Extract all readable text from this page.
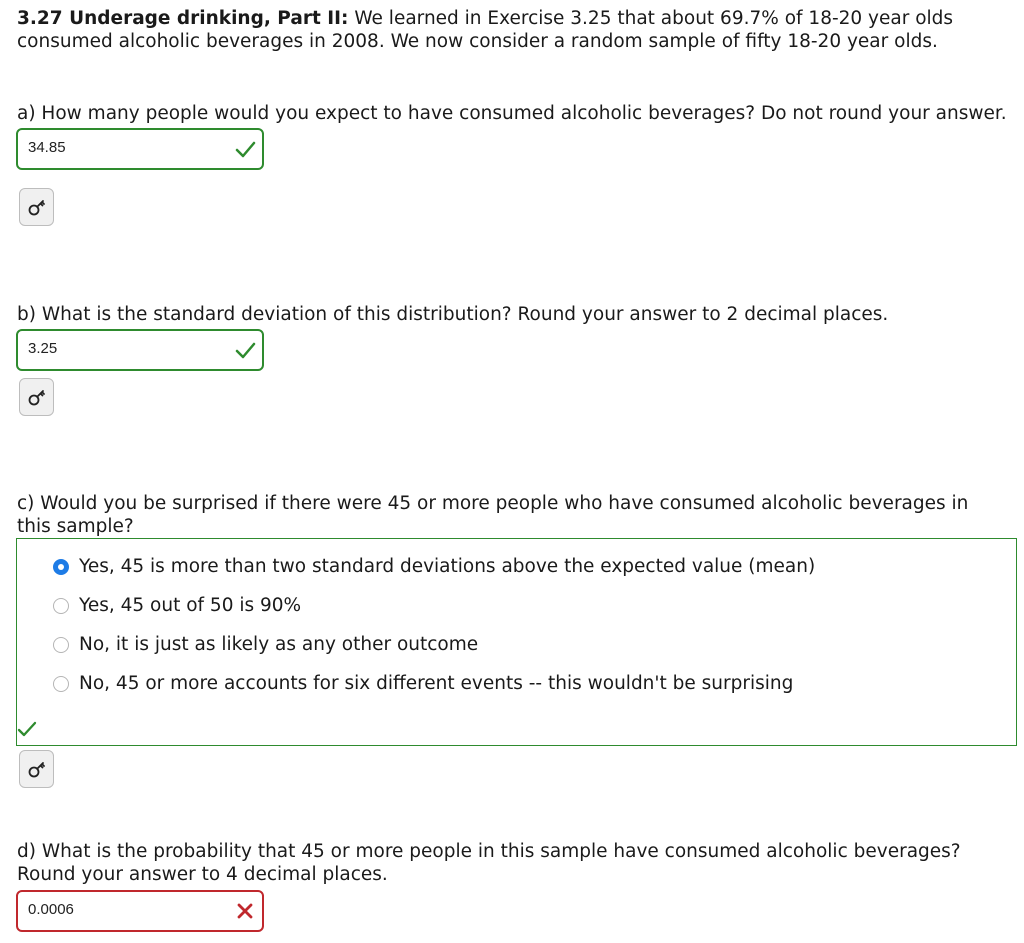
3.27 Underage drinking, Part II: We learned in Exercise 3.25 that about 69.7% of 18-20 year olds consumed alcoholic beverages in 2008. We now consider a random sample of fifty 18-20 year olds.
a) How many people would you expect to have consumed alcoholic beverages? Do not round your answer.
34.85
b) What is the standard deviation of this distribution? Round your answer to 2 decimal places.
3.25
c) Would you be surprised if there were 45 or more people who have consumed alcoholic beverages in this sample?
Yes, 45 is more than two standard deviations above the expected value (mean)
Yes, 45 out of 50 is 90%
No, it is just as likely as any other outcome
No, 45 or more accounts for six different events -- this wouldn't be surprising
d) What is the probability that 45 or more people in this sample have consumed alcoholic beverages? Round your answer to 4 decimal places.
0.0006
